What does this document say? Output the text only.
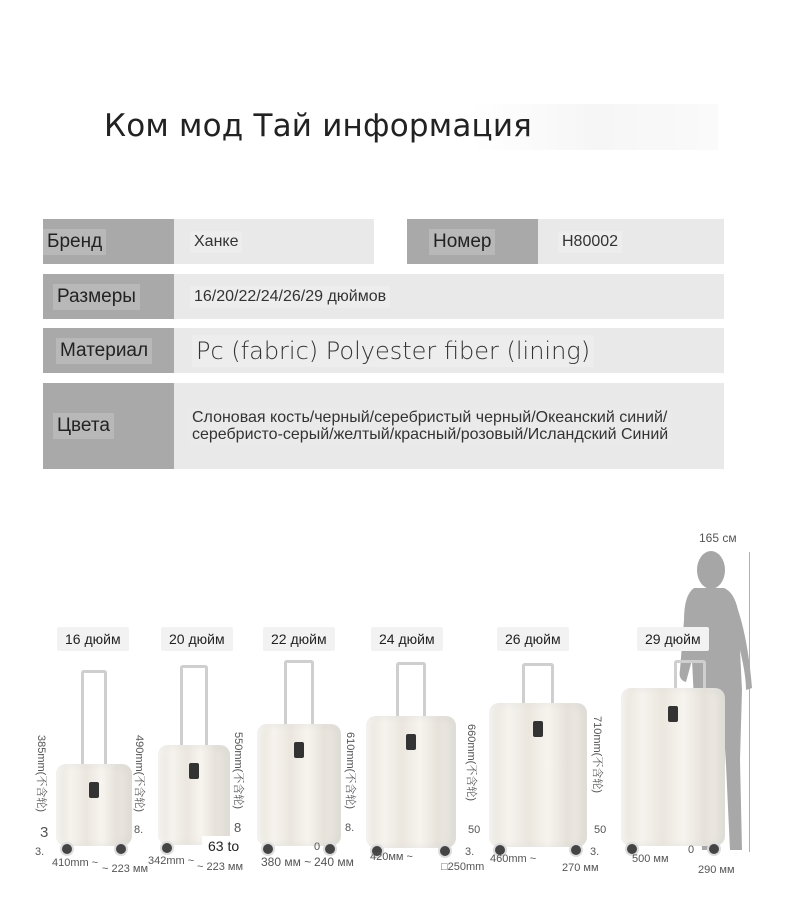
Ком мод Тай информация
Бренд	Ханке	Номер	H80002
Размеры	16/20/22/24/26/29 дюймов
Материал Pc (fabric) Polyester fiber (lining)
Цвета	Слоновая кость/черный/серебристый черный/Океанский синий/
серебристо-серый/желтый/красный/розовый/Исландский Синий
165 см
16 дюйм	20 дюйм	22 дюйм	24 дюйм	26 дюйм	29 дюйм
385mm(不含轮)
3
3.
410mm ~ ~ 223 мм
490mm(不含轮)
8.
63 to
342mm ~ ~ 223 мм
550mm(不含轮)
8
0
380 мм ~ 240 мм
610mm(不含轮)
8.
3.
420мм ~
□250mm
660mm(不含轮)
50
3.
460mm ~
270 мм
710mm(不含轮)
50
0
500 мм
290 мм
